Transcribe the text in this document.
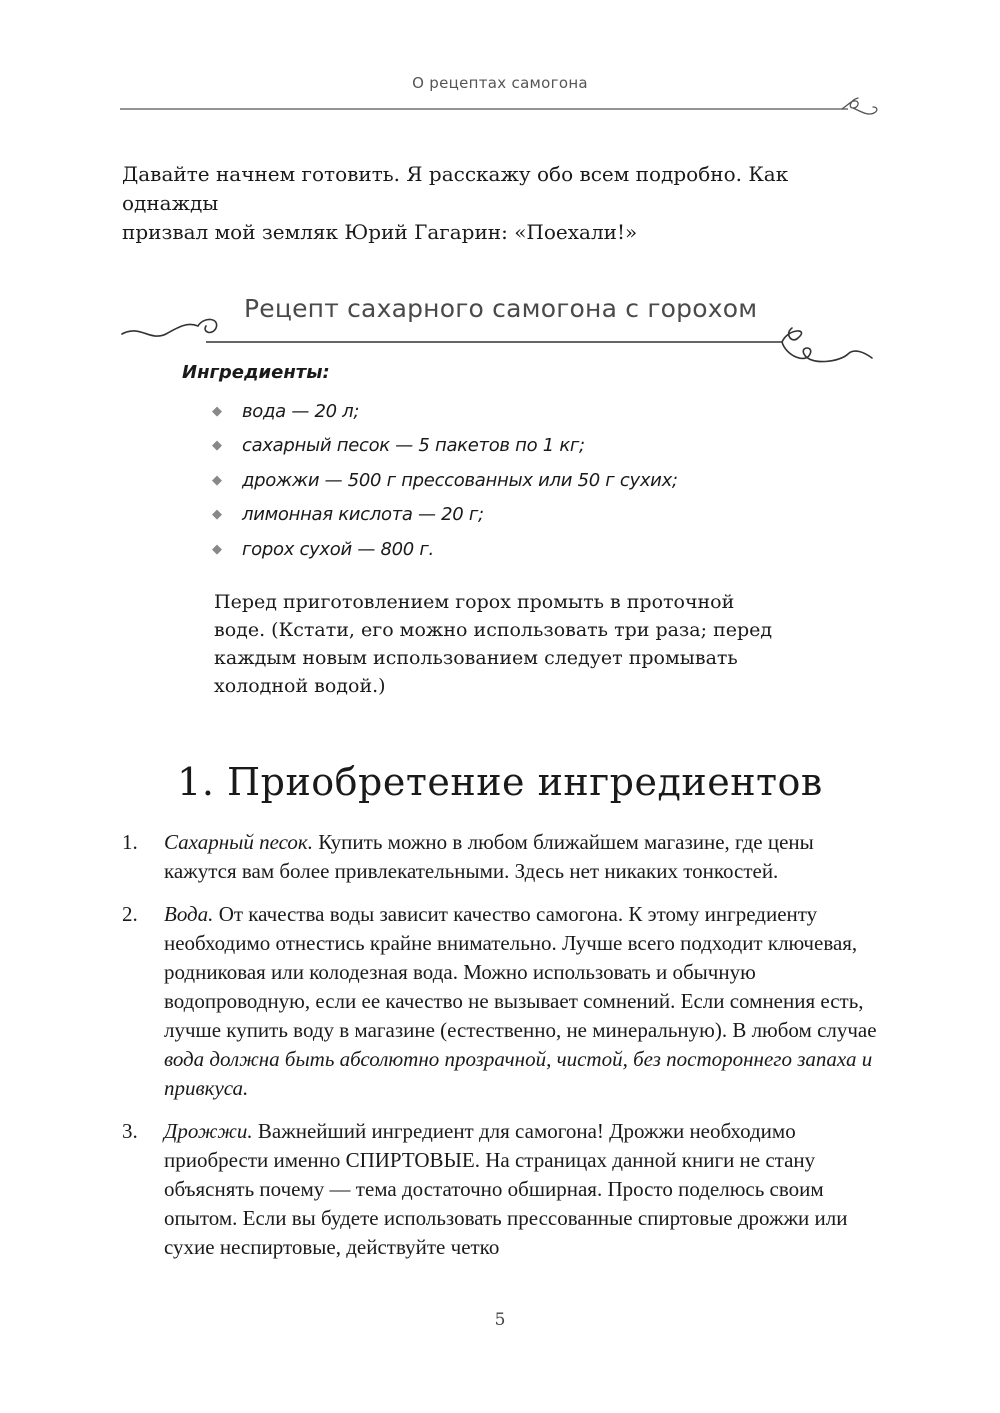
О рецептах самогона

Давайте начнем готовить. Я расскажу обо всем подробно. Как однажды

призвал мой земляк Юрий Гагарин: «Поехали!»

Рецепт сахарного самогона с горохом
Ингредиенты:
◆	вода — 20 л;
◆	сахарный песок — 5 пакетов по 1 кг;
◆	дрожжи — 500 г прессованных или 50 г сухих;
◆	лимонная кислота — 20 г;
◆	горох сухой — 800 г.

Перед приготовлением горох промыть в проточной

воде. (Кстати, его можно использовать три раза; перед

каждым новым использованием следует промывать

холодной водой.)

1. Приобретение ингредиентов
1. Сахарный песок. Купить можно в любом ближайшем магазине, где цены кажутся вам более привлекательными. Здесь нет никаких тонкостей.
2. Вода. От качества воды зависит качество самогона. К этому ингредиенту необходимо отнестись крайне внимательно. Лучше всего подходит ключевая, родниковая или колодезная вода. Можно использовать и обычную водопроводную, если ее качество не вызывает сомнений. Если сомнения есть, лучше купить воду в магазине (естественно, не минеральную). В любом случае вода должна быть абсолютно прозрачной, чистой, без постороннего запаха и привкуса.
3. Дрожжи. Важнейший ингредиент для самогона! Дрожжи необходимо приобрести именно СПИРТОВЫЕ. На страницах данной книги не стану объяснять почему — тема достаточно обширная. Просто поделюсь своим опытом. Если вы будете использовать прессованные спиртовые дрожжи или сухие неспиртовые, действуйте четко
5
